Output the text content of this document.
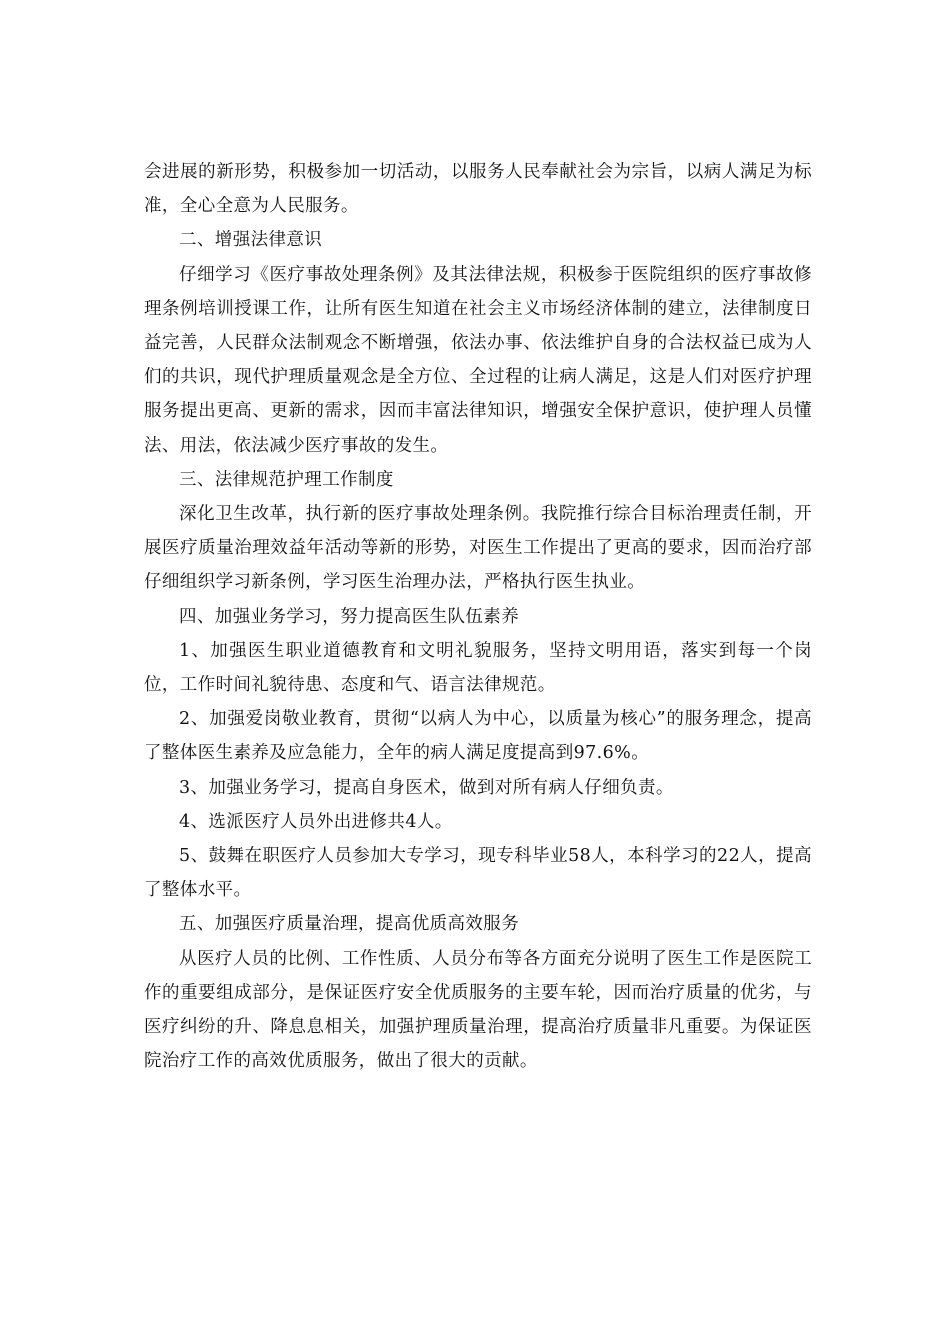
会进展的新形势，积极参加一切活动，以服务人民奉献社会为宗旨，以病人满足为标准，全心全意为人民服务。

二、增强法律意识

仔细学习《医疗事故处理条例》及其法律法规，积极参于医院组织的医疗事故修理条例培训授课工作，让所有医生知道在社会主义市场经济体制的建立，法律制度日益完善，人民群众法制观念不断增强，依法办事、依法维护自身的合法权益已成为人们的共识，现代护理质量观念是全方位、全过程的让病人满足，这是人们对医疗护理服务提出更高、更新的需求，因而丰富法律知识，增强安全保护意识，使护理人员懂法、用法，依法减少医疗事故的发生。

三、法律规范护理工作制度

深化卫生改革，执行新的医疗事故处理条例。我院推行综合目标治理责任制，开展医疗质量治理效益年活动等新的形势，对医生工作提出了更高的要求，因而治疗部仔细组织学习新条例，学习医生治理办法，严格执行医生执业。

四、加强业务学习，努力提高医生队伍素养

1、加强医生职业道德教育和文明礼貌服务，坚持文明用语，落实到每一个岗位，工作时间礼貌待患、态度和气、语言法律规范。

2、加强爱岗敬业教育，贯彻“以病人为中心，以质量为核心”的服务理念，提高了整体医生素养及应急能力，全年的病人满足度提高到97.6%。

3、加强业务学习，提高自身医术，做到对所有病人仔细负责。

4、选派医疗人员外出进修共4人。

5、鼓舞在职医疗人员参加大专学习，现专科毕业58人，本科学习的22人，提高了整体水平。

五、加强医疗质量治理，提高优质高效服务

从医疗人员的比例、工作性质、人员分布等各方面充分说明了医生工作是医院工作的重要组成部分，是保证医疗安全优质服务的主要车轮，因而治疗质量的优劣，与医疗纠纷的升、降息息相关，加强护理质量治理，提高治疗质量非凡重要。为保证医院治疗工作的高效优质服务，做出了很大的贡献。
